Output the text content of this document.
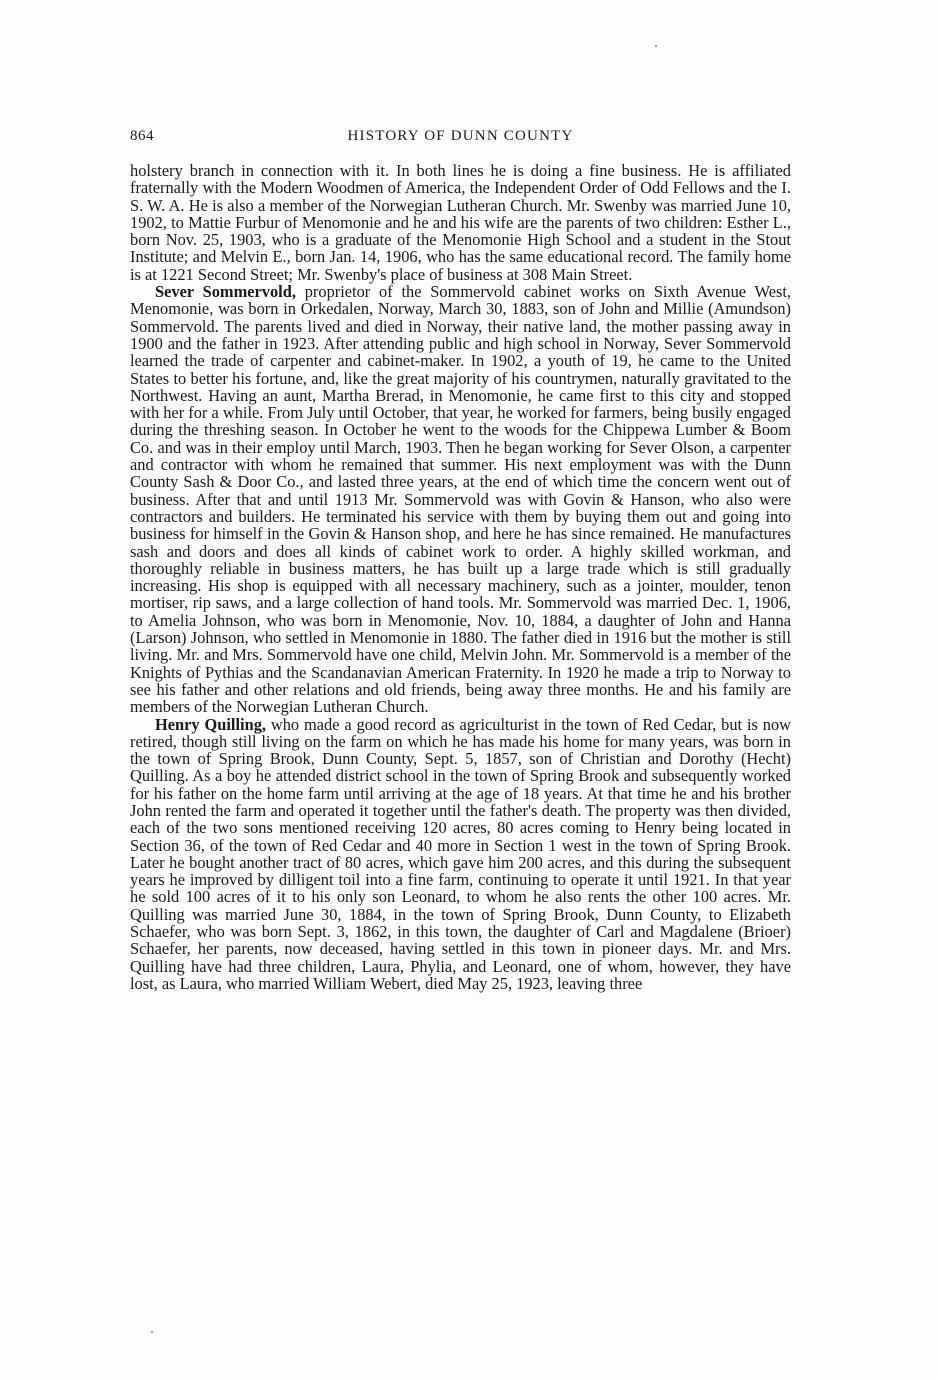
864	HISTORY OF DUNN COUNTY

holstery branch in connection with it. In both lines he is doing a fine business. He is affiliated fraternally with the Modern Woodmen of America, the Independent Order of Odd Fellows and the I. S. W. A. He is also a member of the Norwegian Lutheran Church. Mr. Swenby was married June 10, 1902, to Mattie Furbur of Menomonie and he and his wife are the parents of two children: Esther L., born Nov. 25, 1903, who is a graduate of the Menomonie High School and a student in the Stout Institute; and Melvin E., born Jan. 14, 1906, who has the same educational record. The family home is at 1221 Second Street; Mr. Swenby's place of business at 308 Main Street.

Sever Sommervold, proprietor of the Sommervold cabinet works on Sixth Avenue West, Menomonie, was born in Orkedalen, Norway, March 30, 1883, son of John and Millie (Amundson) Sommervold. The parents lived and died in Norway, their native land, the mother passing away in 1900 and the father in 1923. After attending public and high school in Norway, Sever Sommervold learned the trade of carpenter and cabinet-maker. In 1902, a youth of 19, he came to the United States to better his fortune, and, like the great majority of his countrymen, naturally gravitated to the Northwest. Having an aunt, Martha Brerad, in Menomonie, he came first to this city and stopped with her for a while. From July until October, that year, he worked for farmers, being busily engaged during the threshing season. In October he went to the woods for the Chippewa Lumber & Boom Co. and was in their employ until March, 1903. Then he began working for Sever Olson, a carpenter and contractor with whom he remained that summer. His next employment was with the Dunn County Sash & Door Co., and lasted three years, at the end of which time the concern went out of business. After that and until 1913 Mr. Sommervold was with Govin & Hanson, who also were contractors and builders. He terminated his service with them by buying them out and going into business for himself in the Govin & Hanson shop, and here he has since remained. He manufactures sash and doors and does all kinds of cabinet work to order. A highly skilled workman, and thoroughly reliable in business matters, he has built up a large trade which is still gradually increasing. His shop is equipped with all necessary machinery, such as a jointer, moulder, tenon mortiser, rip saws, and a large collection of hand tools. Mr. Sommervold was married Dec. 1, 1906, to Amelia Johnson, who was born in Menomonie, Nov. 10, 1884, a daughter of John and Hanna (Larson) Johnson, who settled in Menomonie in 1880. The father died in 1916 but the mother is still living. Mr. and Mrs. Sommervold have one child, Melvin John. Mr. Sommervold is a member of the Knights of Pythias and the Scandanavian American Fraternity. In 1920 he made a trip to Norway to see his father and other relations and old friends, being away three months. He and his family are members of the Norwegian Lutheran Church.

Henry Quilling, who made a good record as agriculturist in the town of Red Cedar, but is now retired, though still living on the farm on which he has made his home for many years, was born in the town of Spring Brook, Dunn County, Sept. 5, 1857, son of Christian and Dorothy (Hecht) Quilling. As a boy he attended district school in the town of Spring Brook and subsequently worked for his father on the home farm until arriving at the age of 18 years. At that time he and his brother John rented the farm and operated it together until the father's death. The property was then divided, each of the two sons mentioned receiving 120 acres, 80 acres coming to Henry being located in Section 36, of the town of Red Cedar and 40 more in Section 1 west in the town of Spring Brook. Later he bought another tract of 80 acres, which gave him 200 acres, and this during the subsequent years he improved by dilligent toil into a fine farm, continuing to operate it until 1921. In that year he sold 100 acres of it to his only son Leonard, to whom he also rents the other 100 acres. Mr. Quilling was married June 30, 1884, in the town of Spring Brook, Dunn County, to Elizabeth Schaefer, who was born Sept. 3, 1862, in this town, the daughter of Carl and Magdalene (Brioer) Schaefer, her parents, now deceased, having settled in this town in pioneer days. Mr. and Mrs. Quilling have had three children, Laura, Phylia, and Leonard, one of whom, however, they have lost, as Laura, who married William Webert, died May 25, 1923, leaving three
